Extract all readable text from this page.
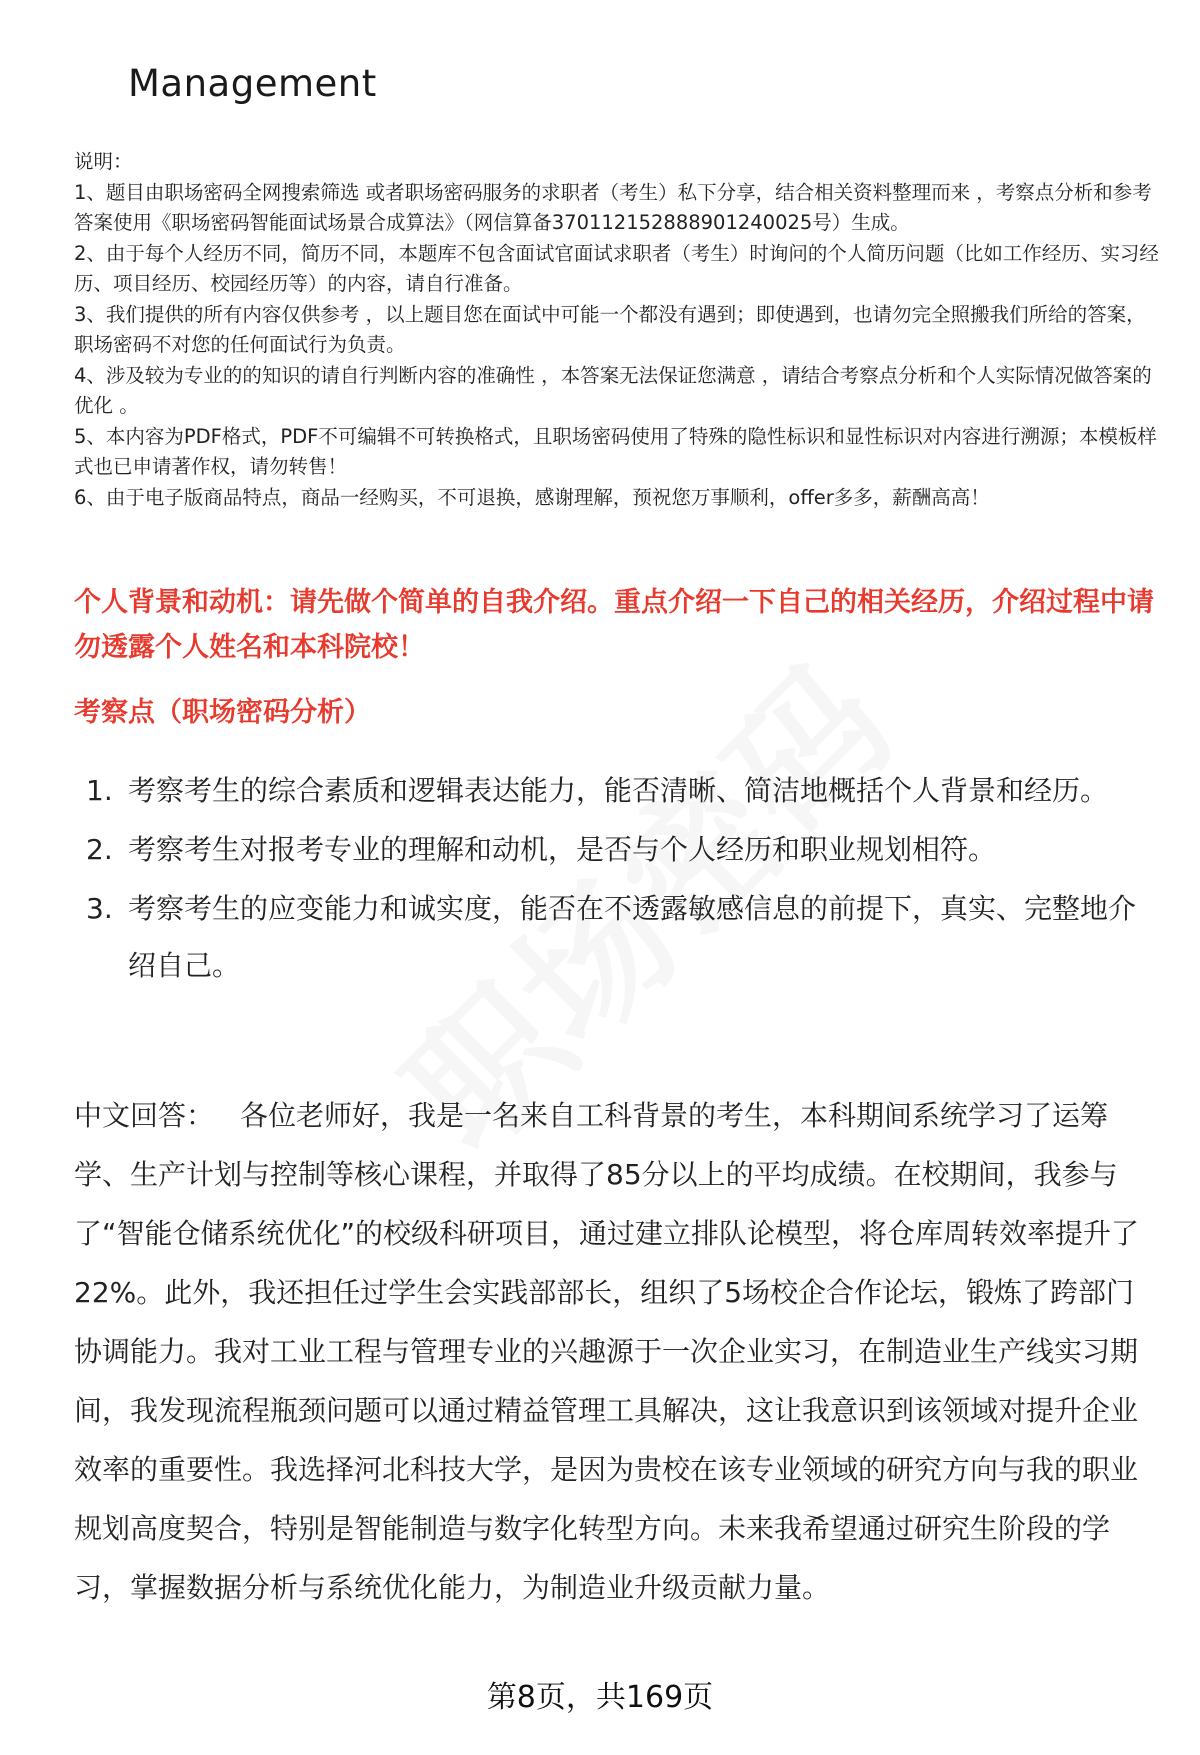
Management

说明：

1、题目由职场密码全网搜索筛选 或者职场密码服务的求职者（考生）私下分享，结合相关资料整理而来 ，考察点分析和参考答案使用《职场密码智能面试场景合成算法》（网信算备370112152888901240025号）生成。

2、由于每个人经历不同，简历不同，本题库不包含面试官面试求职者（考生）时询问的个人简历问题（比如工作经历、实习经历、项目经历、校园经历等）的内容，请自行准备。

3、我们提供的所有内容仅供参考 ，以上题目您在面试中可能一个都没有遇到；即使遇到，也请勿完全照搬我们所给的答案，职场密码不对您的任何面试行为负责。

4、涉及较为专业的的知识的请自行判断内容的准确性 ，本答案无法保证您满意 ，请结合考察点分析和个人实际情况做答案的优化 。

5、本内容为PDF格式，PDF不可编辑不可转换格式，且职场密码使用了特殊的隐性标识和显性标识对内容进行溯源；本模板样式也已申请著作权，请勿转售！

6、由于电子版商品特点，商品一经购买，不可退换，感谢理解，预祝您万事顺利，offer多多，薪酬高高！

个人背景和动机：请先做个简单的自我介绍。重点介绍一下自己的相关经历，介绍过程中请勿透露个人姓名和本科院校！
考察点（职场密码分析）
1. 考察考生的综合素质和逻辑表达能力，能否清晰、简洁地概括个人背景和经历。
2. 考察考生对报考专业的理解和动机，是否与个人经历和职业规划相符。
3. 考察考生的应变能力和诚实度，能否在不透露敏感信息的前提下，真实、完整地介绍自己。
中文回答： 各位老师好，我是一名来自工科背景的考生，本科期间系统学习了运筹学、生产计划与控制等核心课程，并取得了85分以上的平均成绩。在校期间，我参与了“智能仓储系统优化”的校级科研项目，通过建立排队论模型，将仓库周转效率提升了22%。此外，我还担任过学生会实践部部长，组织了5场校企合作论坛，锻炼了跨部门协调能力。我对工业工程与管理专业的兴趣源于一次企业实习，在制造业生产线实习期间，我发现流程瓶颈问题可以通过精益管理工具解决，这让我意识到该领域对提升企业效率的重要性。我选择河北科技大学，是因为贵校在该专业领域的研究方向与我的职业规划高度契合，特别是智能制造与数字化转型方向。未来我希望通过研究生阶段的学习，掌握数据分析与系统优化能力，为制造业升级贡献力量。
第8页，共169页
